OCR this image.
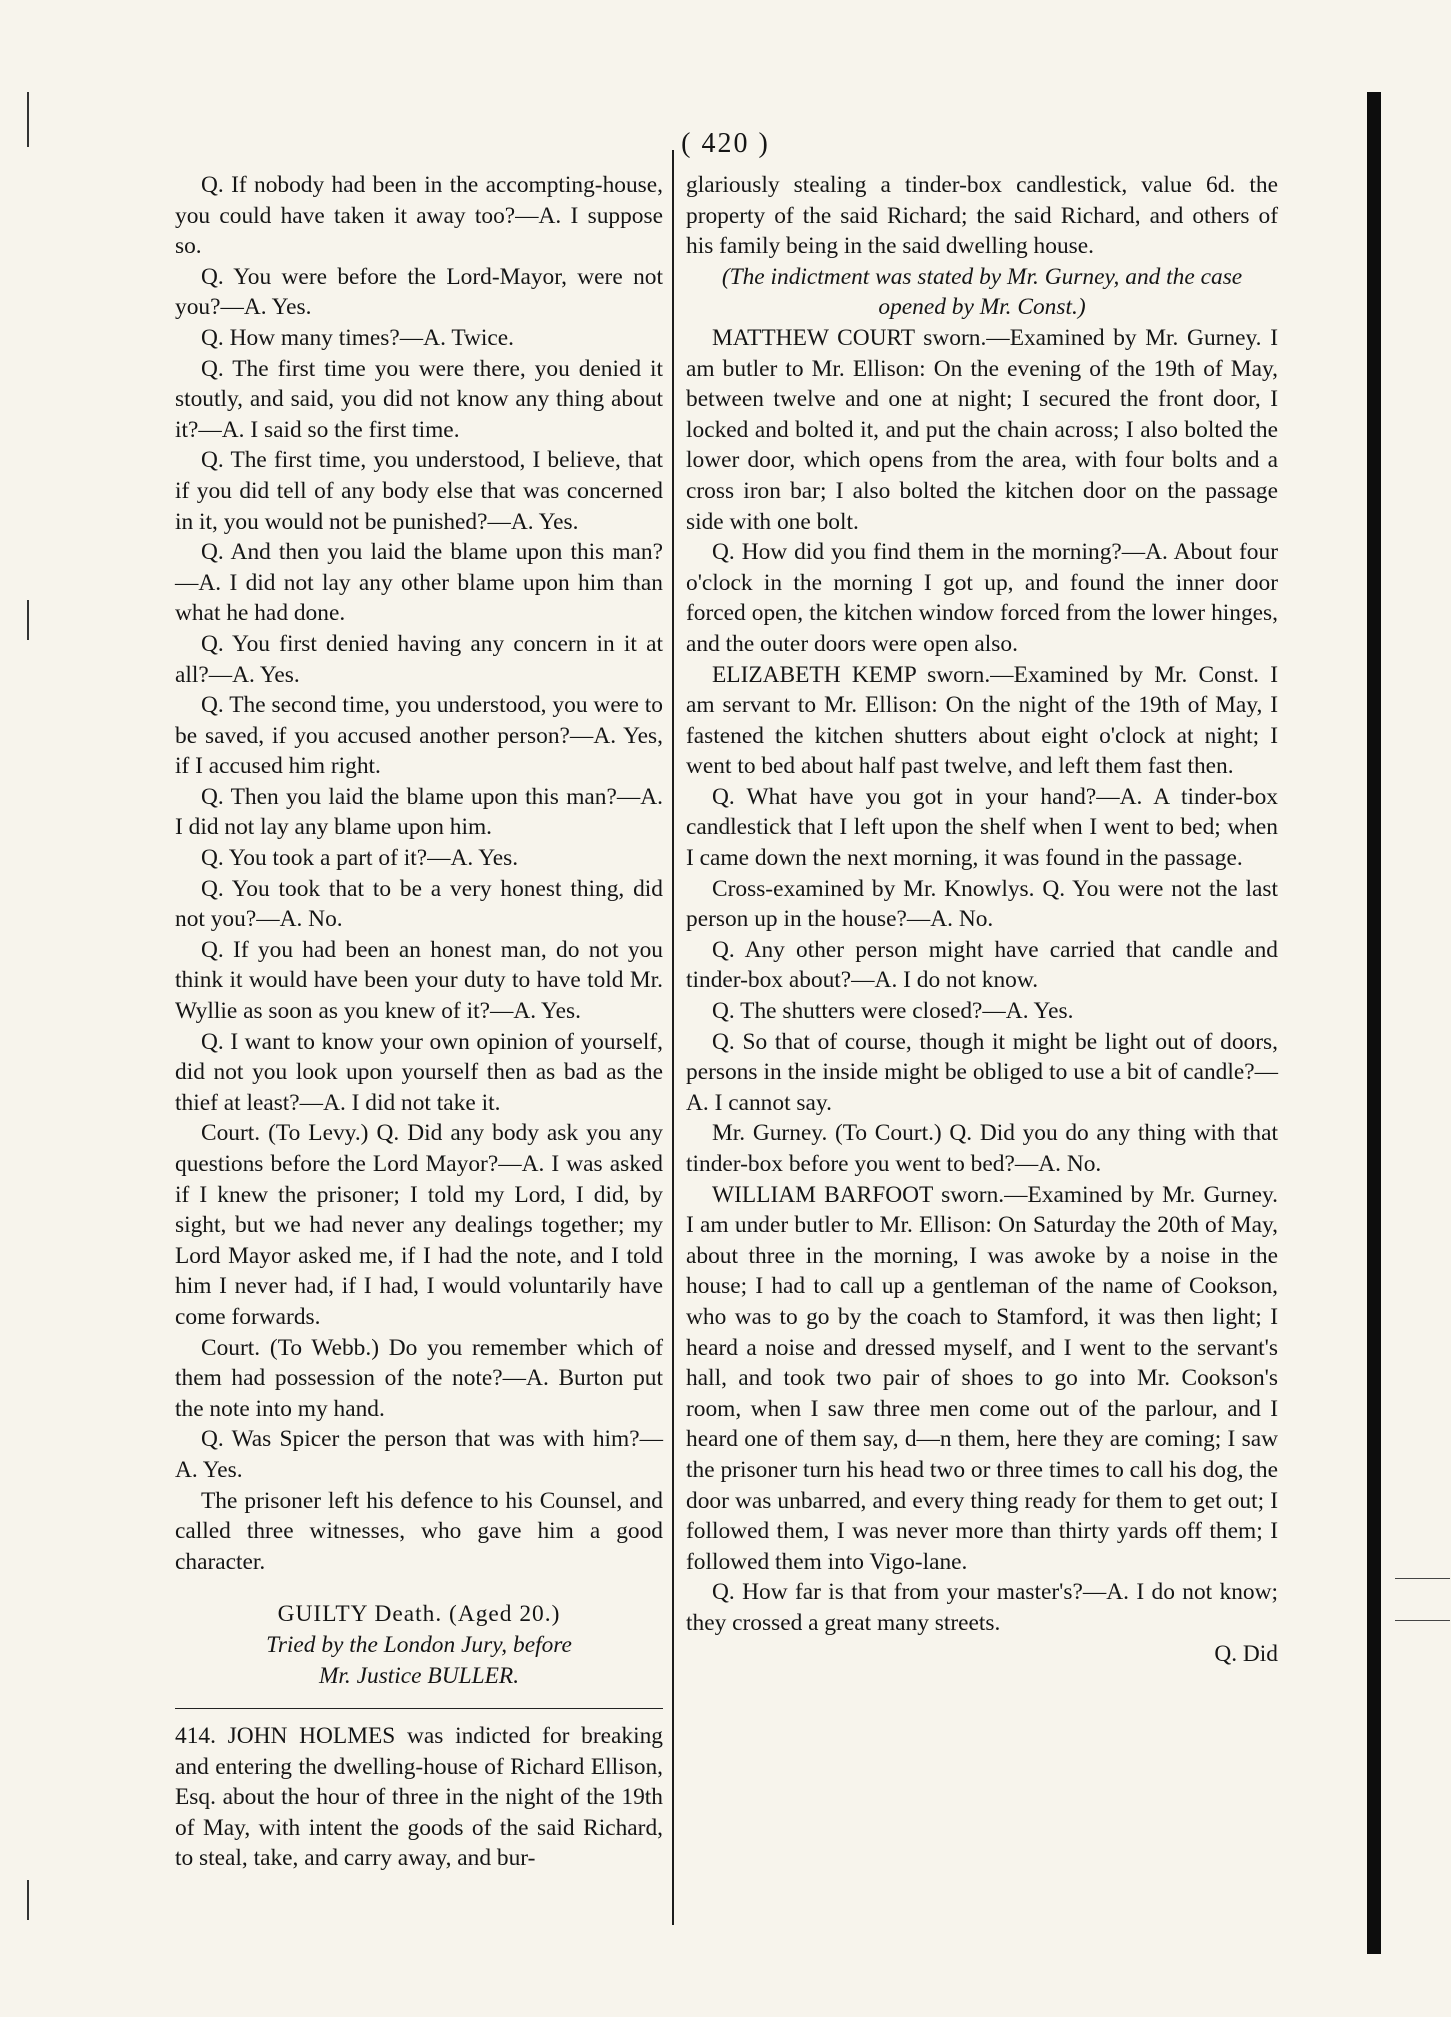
( 420 )

Q. If nobody had been in the accompting-house, you could have taken it away too?—A. I suppose so.

Q. You were before the Lord-Mayor, were not you?—A. Yes.

Q. How many times?—A. Twice.

Q. The first time you were there, you denied it stoutly, and said, you did not know any thing about it?—A. I said so the first time.

Q. The first time, you understood, I believe, that if you did tell of any body else that was concerned in it, you would not be punished?—A. Yes.

Q. And then you laid the blame upon this man?—A. I did not lay any other blame upon him than what he had done.

Q. You first denied having any concern in it at all?—A. Yes.

Q. The second time, you understood, you were to be saved, if you accused another person?—A. Yes, if I accused him right.

Q. Then you laid the blame upon this man?—A. I did not lay any blame upon him.

Q. You took a part of it?—A. Yes.

Q. You took that to be a very honest thing, did not you?—A. No.

Q. If you had been an honest man, do not you think it would have been your duty to have told Mr. Wyllie as soon as you knew of it?—A. Yes.

Q. I want to know your own opinion of yourself, did not you look upon yourself then as bad as the thief at least?—A. I did not take it.

Court. (To Levy.) Q. Did any body ask you any questions before the Lord Mayor?—A. I was asked if I knew the prisoner; I told my Lord, I did, by sight, but we had never any dealings together; my Lord Mayor asked me, if I had the note, and I told him I never had, if I had, I would voluntarily have come forwards.

Court. (To Webb.) Do you remember which of them had possession of the note?—A. Burton put the note into my hand.

Q. Was Spicer the person that was with him?—A. Yes.

The prisoner left his defence to his Counsel, and called three witnesses, who gave him a good character.

GUILTY Death. (Aged 20.)

Tried by the London Jury, before

Mr. Justice BULLER.

414. JOHN HOLMES was indicted for breaking and entering the dwelling-house of Richard Ellison, Esq. about the hour of three in the night of the 19th of May, with intent the goods of the said Richard, to steal, take, and carry away, and bur-

glariously stealing a tinder-box candlestick, value 6d. the property of the said Richard; the said Richard, and others of his family being in the said dwelling house.

(The indictment was stated by Mr. Gurney, and the case opened by Mr. Const.)

MATTHEW COURT sworn.—Examined by Mr. Gurney. I am butler to Mr. Ellison: On the evening of the 19th of May, between twelve and one at night; I secured the front door, I locked and bolted it, and put the chain across; I also bolted the lower door, which opens from the area, with four bolts and a cross iron bar; I also bolted the kitchen door on the passage side with one bolt.

Q. How did you find them in the morning?—A. About four o'clock in the morning I got up, and found the inner door forced open, the kitchen window forced from the lower hinges, and the outer doors were open also.

ELIZABETH KEMP sworn.—Examined by Mr. Const. I am servant to Mr. Ellison: On the night of the 19th of May, I fastened the kitchen shutters about eight o'clock at night; I went to bed about half past twelve, and left them fast then.

Q. What have you got in your hand?—A. A tinder-box candlestick that I left upon the shelf when I went to bed; when I came down the next morning, it was found in the passage.

Cross-examined by Mr. Knowlys. Q. You were not the last person up in the house?—A. No.

Q. Any other person might have carried that candle and tinder-box about?—A. I do not know.

Q. The shutters were closed?—A. Yes.

Q. So that of course, though it might be light out of doors, persons in the inside might be obliged to use a bit of candle?—A. I cannot say.

Mr. Gurney. (To Court.) Q. Did you do any thing with that tinder-box before you went to bed?—A. No.

WILLIAM BARFOOT sworn.—Examined by Mr. Gurney. I am under butler to Mr. Ellison: On Saturday the 20th of May, about three in the morning, I was awoke by a noise in the house; I had to call up a gentleman of the name of Cookson, who was to go by the coach to Stamford, it was then light; I heard a noise and dressed myself, and I went to the servant's hall, and took two pair of shoes to go into Mr. Cookson's room, when I saw three men come out of the parlour, and I heard one of them say, d—n them, here they are coming; I saw the prisoner turn his head two or three times to call his dog, the door was unbarred, and every thing ready for them to get out; I followed them, I was never more than thirty yards off them; I followed them into Vigo-lane.

Q. How far is that from your master's?—A. I do not know; they crossed a great many streets.

Q. Did
